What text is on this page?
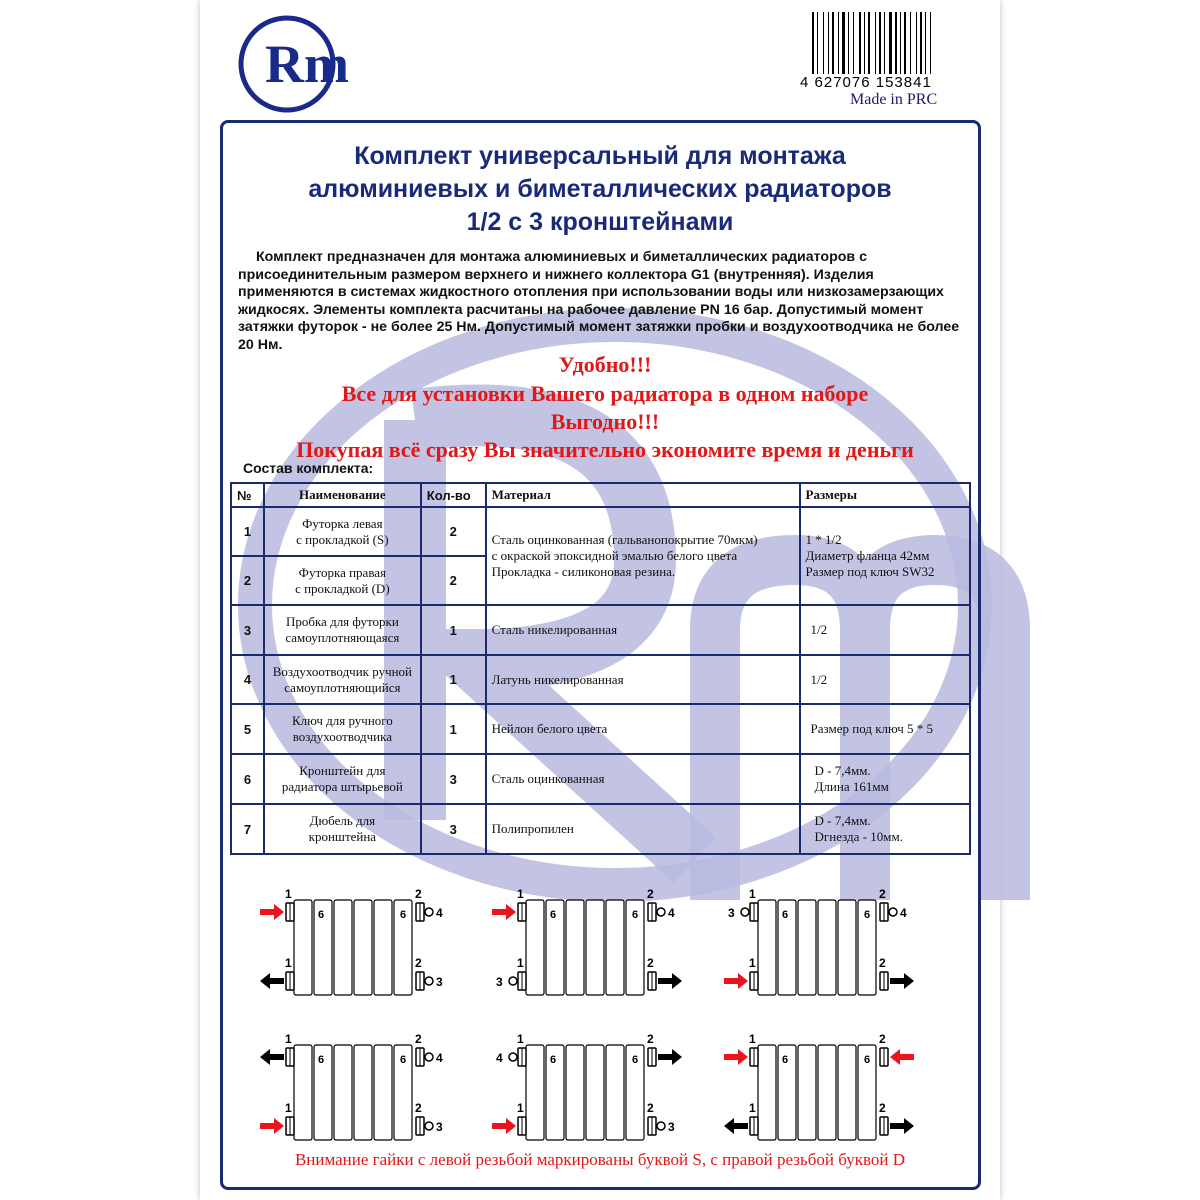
Rm	4 627076 153841
Made in PRC
Комплект универсальный для монтажа
алюминиевых и биметаллических радиаторов
1/2 с 3 кронштейнами
Комплект предназначен для монтажа алюминиевых и биметаллических радиаторов с присоединительным размером верхнего и нижнего коллектора G1 (внутренняя). Изделия применяются в системах жидкостного отопления при использовании воды или низкозамерзающих жидкосях. Элементы комплекта расчитаны на рабочее давление PN 16 бар. Допустимый момент затяжки футорок - не более 25 Нм. Допустимый момент затяжки пробки и воздухоотводчика не более 20 Нм.
Удобно!!!
Все для установки Вашего радиатора в одном наборе
Выгодно!!!
Покупая всё сразу Вы значительно экономите время и деньги
Состав комплекта:
№	Наименование	Кол-во	Материал	Размеры
1	Футорка левая
с прокладкой (S)	2	Сталь оцинкованная (гальванопокрытие 70мкм)
с окраской эпоксидной эмалью белого цвета
Прокладка - силиконовая резина.	1 * 1/2
Диаметр фланца 42мм
Размер под ключ SW32
2	Футорка правая
с прокладкой (D)	2		
3	Пробка для футорки
самоуплотняющаяся	1	Сталь никелированная	1/2
4	Воздухоотводчик ручной
самоуплотняющийся	1	Латунь никелированная	1/2
5	Ключ для ручного
воздухоотводчика	1	Нейлон белого цвета	Размер под ключ 5 * 5
6	Кронштейн для
радиатора штырьевой	3	Сталь оцинкованная	D - 7,4мм.
Длина 161мм
7	Дюбель для
кронштейна	3	Полипропилен	D - 7,4мм.
Dгнезда - 10мм.
6	6
1	2
4
1	2
3
6	6
1	2
4
1
3
2
6	6
1
3
2
4
1	2
6	6
1	2
4
1	2
3
6	6
1
4
2
1	2
3
6	6
1	2
1	2
Внимание гайки с левой резьбой маркированы буквой S, с правой резьбой буквой D
